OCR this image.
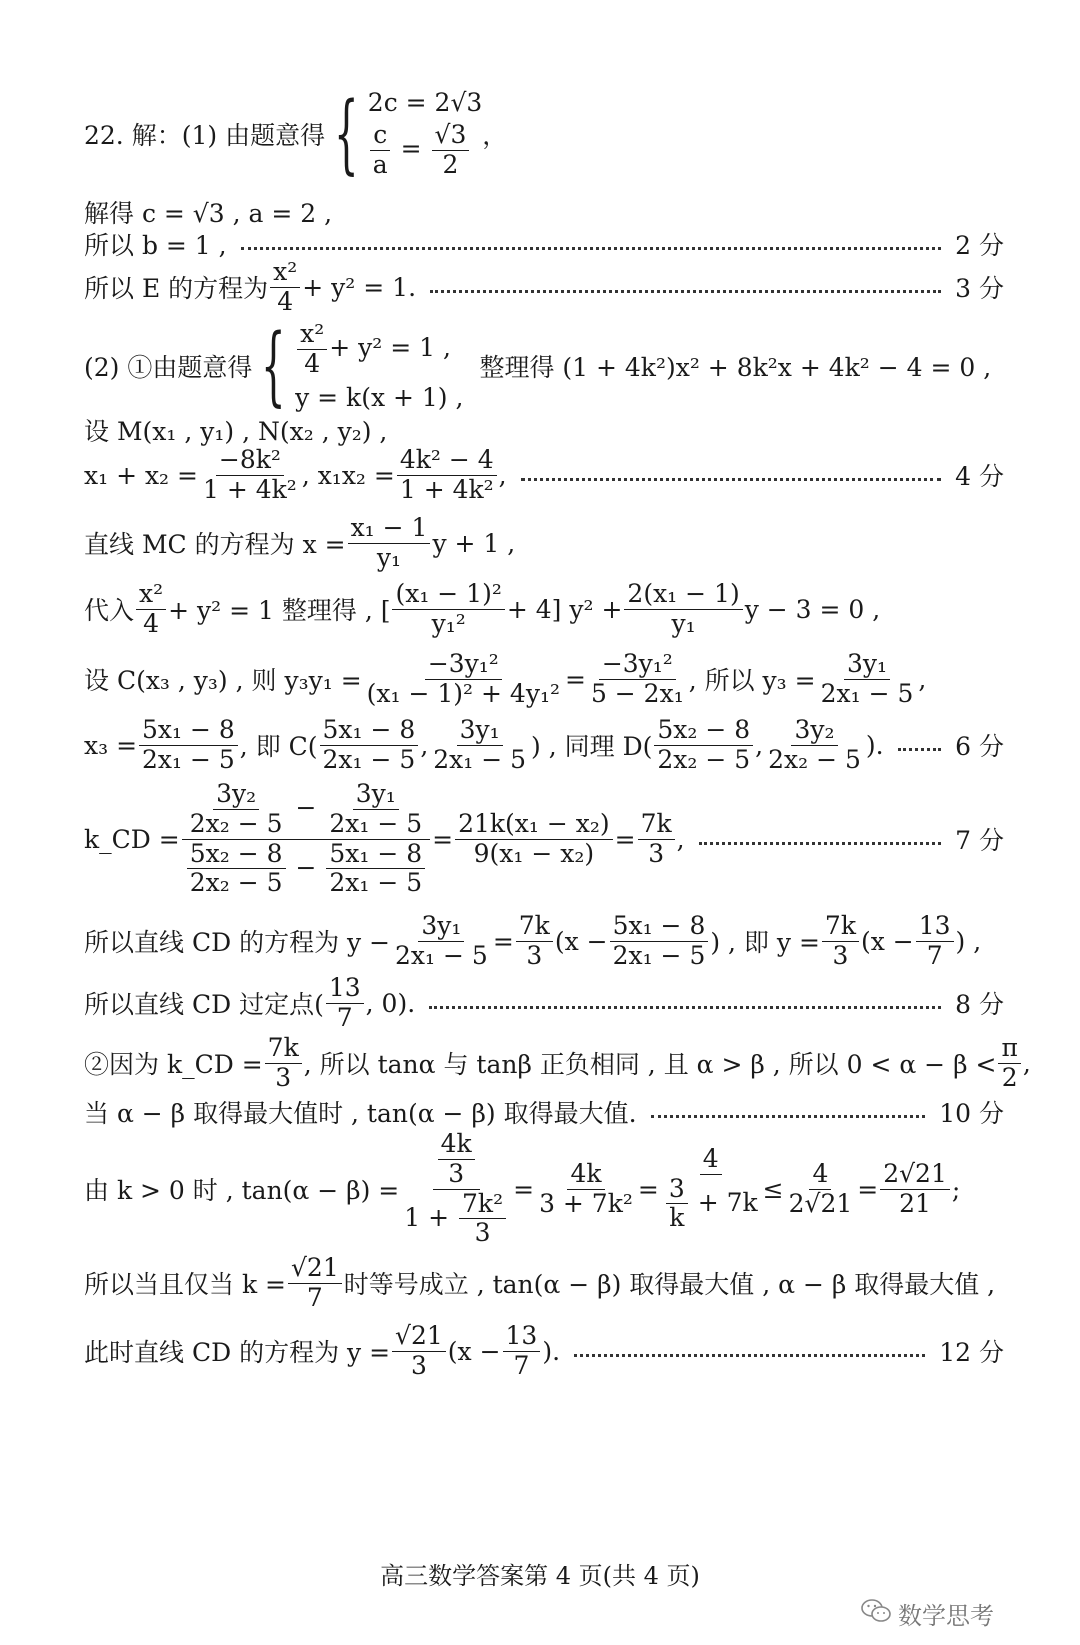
22. 解：(1) 由题意得 { 2c = 2√3
$\frac{c}{a} = \frac{√3}{2}$ ，
解得 c = √3 , a = 2 ,
所以 b = 1 ,	2 分
所以 E 的方程为 $\frac{\text{x²}}{4} + y^2 = 1$.	3 分
(2) ①由题意得 { $\frac{\text{x²}}{4} + y^2 = 1$ ,
y = k(x + 1) ,
整理得 (1 + 4k²)x² + 8k²x + 4k² − 4 = 0 ,
设 M(x₁ , y₁) , N(x₂ , y₂) ,
$x_1 + x_2 = \frac{\text{−8k²}}{\text{1 + 4k²}}$ , $x_1x_2 = \frac{\text{4k² − 4}}{\text{1 + 4k²}}$ ,	4 分
直线 MC 的方程为 $x = \frac{\text{x₁ − 1}}{\text{y₁}}$ y + 1 ,
代入 $\frac{\text{x²}}{4} + y^2 = 1$ 整理得 , [ $\frac{\text{(x₁ − 1)²}}{\text{y₁²}} + 4$] $y^2 + \frac{\text{2(x₁ − 1)}}{\text{y₁}}$ y − 3 = 0 ,
设 C(x₃ , y₃) , 则 $y_3y_1 = \frac{\text{−3y₁²}}{\text{(x₁ − 1)² + 4y₁²}} = \frac{\text{−3y₁²}}{\text{5 − 2x₁}}$ , 所以 $y_3 = \frac{\text{3y₁}}{\text{2x₁ − 5}}$ ,
$x_3 = \frac{\text{5x₁ − 8}}{\text{2x₁ − 5}}$ , 即 $C( \frac{\text{5x₁ − 8}}{\text{2x₁ − 5}}$ , $\frac{\text{3y₁}}{\text{2x₁ − 5}}$ ) , 同理 $D( \frac{\text{5x₂ − 8}}{\text{2x₂ − 5}}$ , $\frac{\text{3y₂}}{\text{2x₂ − 5}}$ ).	6 分
k_CD = $\frac{\frac{\text{3y₂}}{\text{2x₂ − 5}} - \frac{\text{3y₁}}{\text{2x₁ − 5}}}{\frac{\text{5x₂ − 8}}{\text{2x₂ − 5}} - \frac{\text{5x₁ − 8}}{\text{2x₁ − 5}}} = \frac{\text{21k(x₁ − x₂)}}{\text{9(x₁ − x₂)}} = \frac{7k}{3}$ ,	7 分
所以直线 CD 的方程为 $y - \frac{\text{3y₁}}{\text{2x₁ − 5}} = \frac{7k}{3} (x - \frac{\text{5x₁ − 8}}{\text{2x₁ − 5}}$ ) , 即 $y = \frac{7k}{3} (x - \frac{13}{7}$ ) ,
所以直线 CD 过定点( $\frac{13}{7}$ , 0).	8 分
②因为 k_CD = $\frac{7k}{3}$ , 所以 tanα 与 tanβ 正负相同 , 且 α > β , 所以 $0 < \alpha - \beta < \frac{\pi}{2}$ ,
当 α − β 取得最大值时 , tan(α − β) 取得最大值.	10 分
由 k > 0 时 , $\tan(\alpha - \beta) = \frac{\frac{4k}{3}}{1 + \frac{\text{7k²}}{3}} = \frac{4k}{\text{3 + 7k²}} = \frac{4}{\frac{3}{k} + 7k} \le \frac{4}{2√21} = \frac{2√21}{21}$ ;
所以当且仅当 $k = \frac{√21}{7}$ 时等号成立 , tan(α − β) 取得最大值 , α − β 取得最大值 ,
此时直线 CD 的方程为 $y = \frac{√21}{3} (x - \frac{13}{7}$ ).	12 分
高三数学答案第 4 页(共 4 页)
数学思考
